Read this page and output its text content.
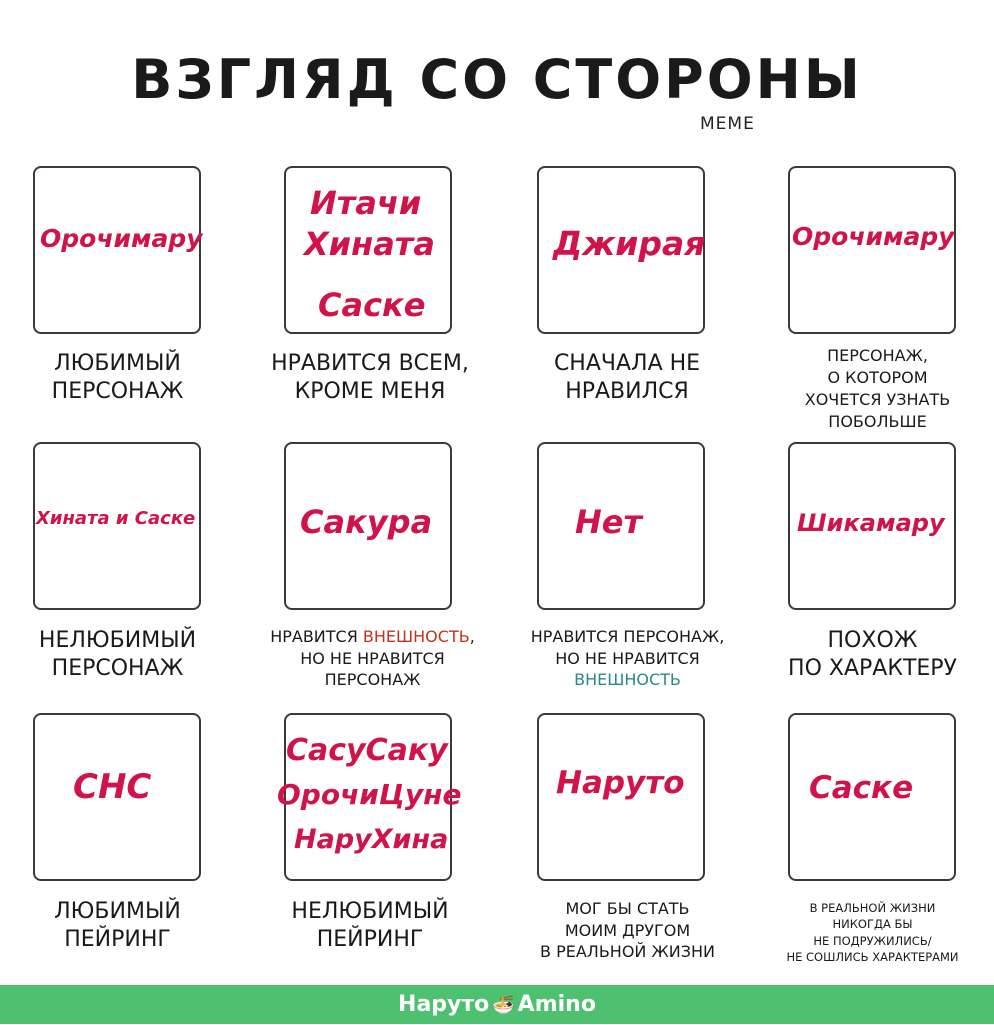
ВЗГЛЯД СО СТОРОНЫ
МЕМЕ
Орочимару
ЛЮБИМЫЙ
ПЕРСОНАЖ
Итачи
Хината
Саске
НРАВИТСЯ ВСЕМ,
КРОМЕ МЕНЯ
Джирая
СНАЧАЛА НЕ
НРАВИЛСЯ
Орочимару
ПЕРСОНАЖ,
О КОТОРОМ
ХОЧЕТСЯ УЗНАТЬ
ПОБОЛЬШЕ
Хината и Саске
НЕЛЮБИМЫЙ
ПЕРСОНАЖ
Сакура
НРАВИТСЯ ВНЕШНОСТЬ,
НО НЕ НРАВИТСЯ
ПЕРСОНАЖ
Нет
НРАВИТСЯ ПЕРСОНАЖ,
НО НЕ НРАВИТСЯ
ВНЕШНОСТЬ
Шикамару
ПОХОЖ
ПО ХАРАКТЕРУ
СНС
ЛЮБИМЫЙ
ПЕЙРИНГ
СасуСаку
ОрочиЦуне
НаруХина
НЕЛЮБИМЫЙ
ПЕЙРИНГ
Наруто
МОГ БЫ СТАТЬ
МОИМ ДРУГОМ
В РЕАЛЬНОЙ ЖИЗНИ
Саске
В РЕАЛЬНОЙ ЖИЗНИ
НИКОГДА БЫ
НЕ ПОДРУЖИЛИСЬ/
НЕ СОШЛИСЬ ХАРАКТЕРАМИ
Наруто 🍜 Amino
